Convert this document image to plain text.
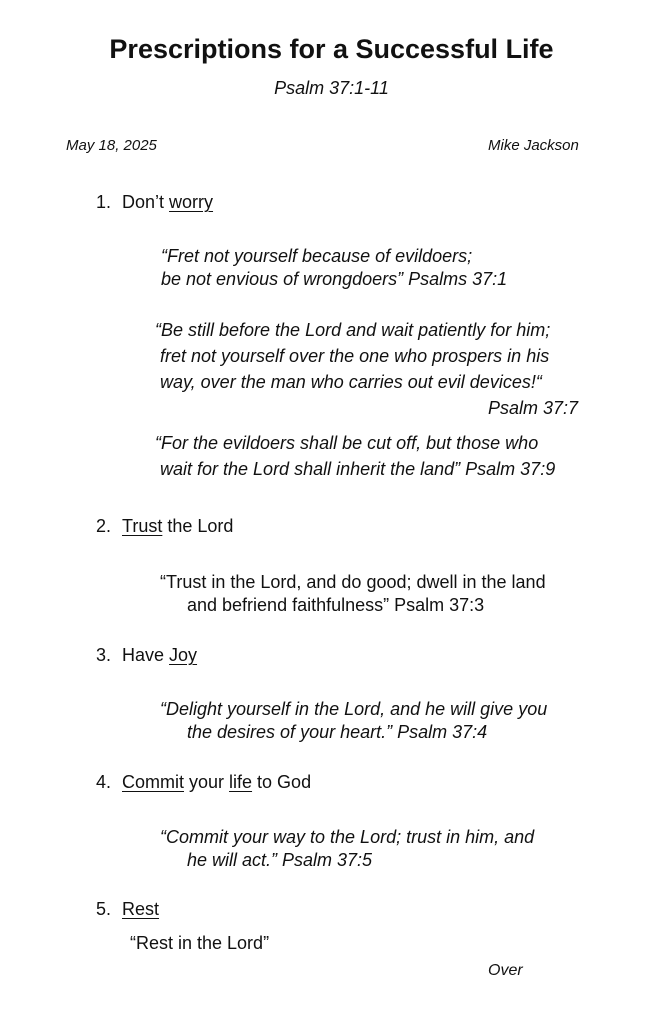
Prescriptions for a Successful Life
Psalm 37:1-11
May 18, 2025	Mike Jackson
1. Don’t worry
“Fret not yourself because of evildoers;
be not envious of wrongdoers” Psalms 37:1
“Be still before the Lord and wait patiently for him;
fret not yourself over the one who prospers in his
way, over the man who carries out evil devices!“
Psalm 37:7
“For the evildoers shall be cut off, but those who
wait for the Lord shall inherit the land” Psalm 37:9
2. Trust the Lord
“Trust in the Lord, and do good; dwell in the land
and befriend faithfulness” Psalm 37:3
3. Have Joy
“Delight yourself in the Lord, and he will give you
the desires of your heart.” Psalm 37:4
4. Commit your life to God
“Commit your way to the Lord; trust in him, and
he will act.” Psalm 37:5
5. Rest
“Rest in the Lord”
Over
